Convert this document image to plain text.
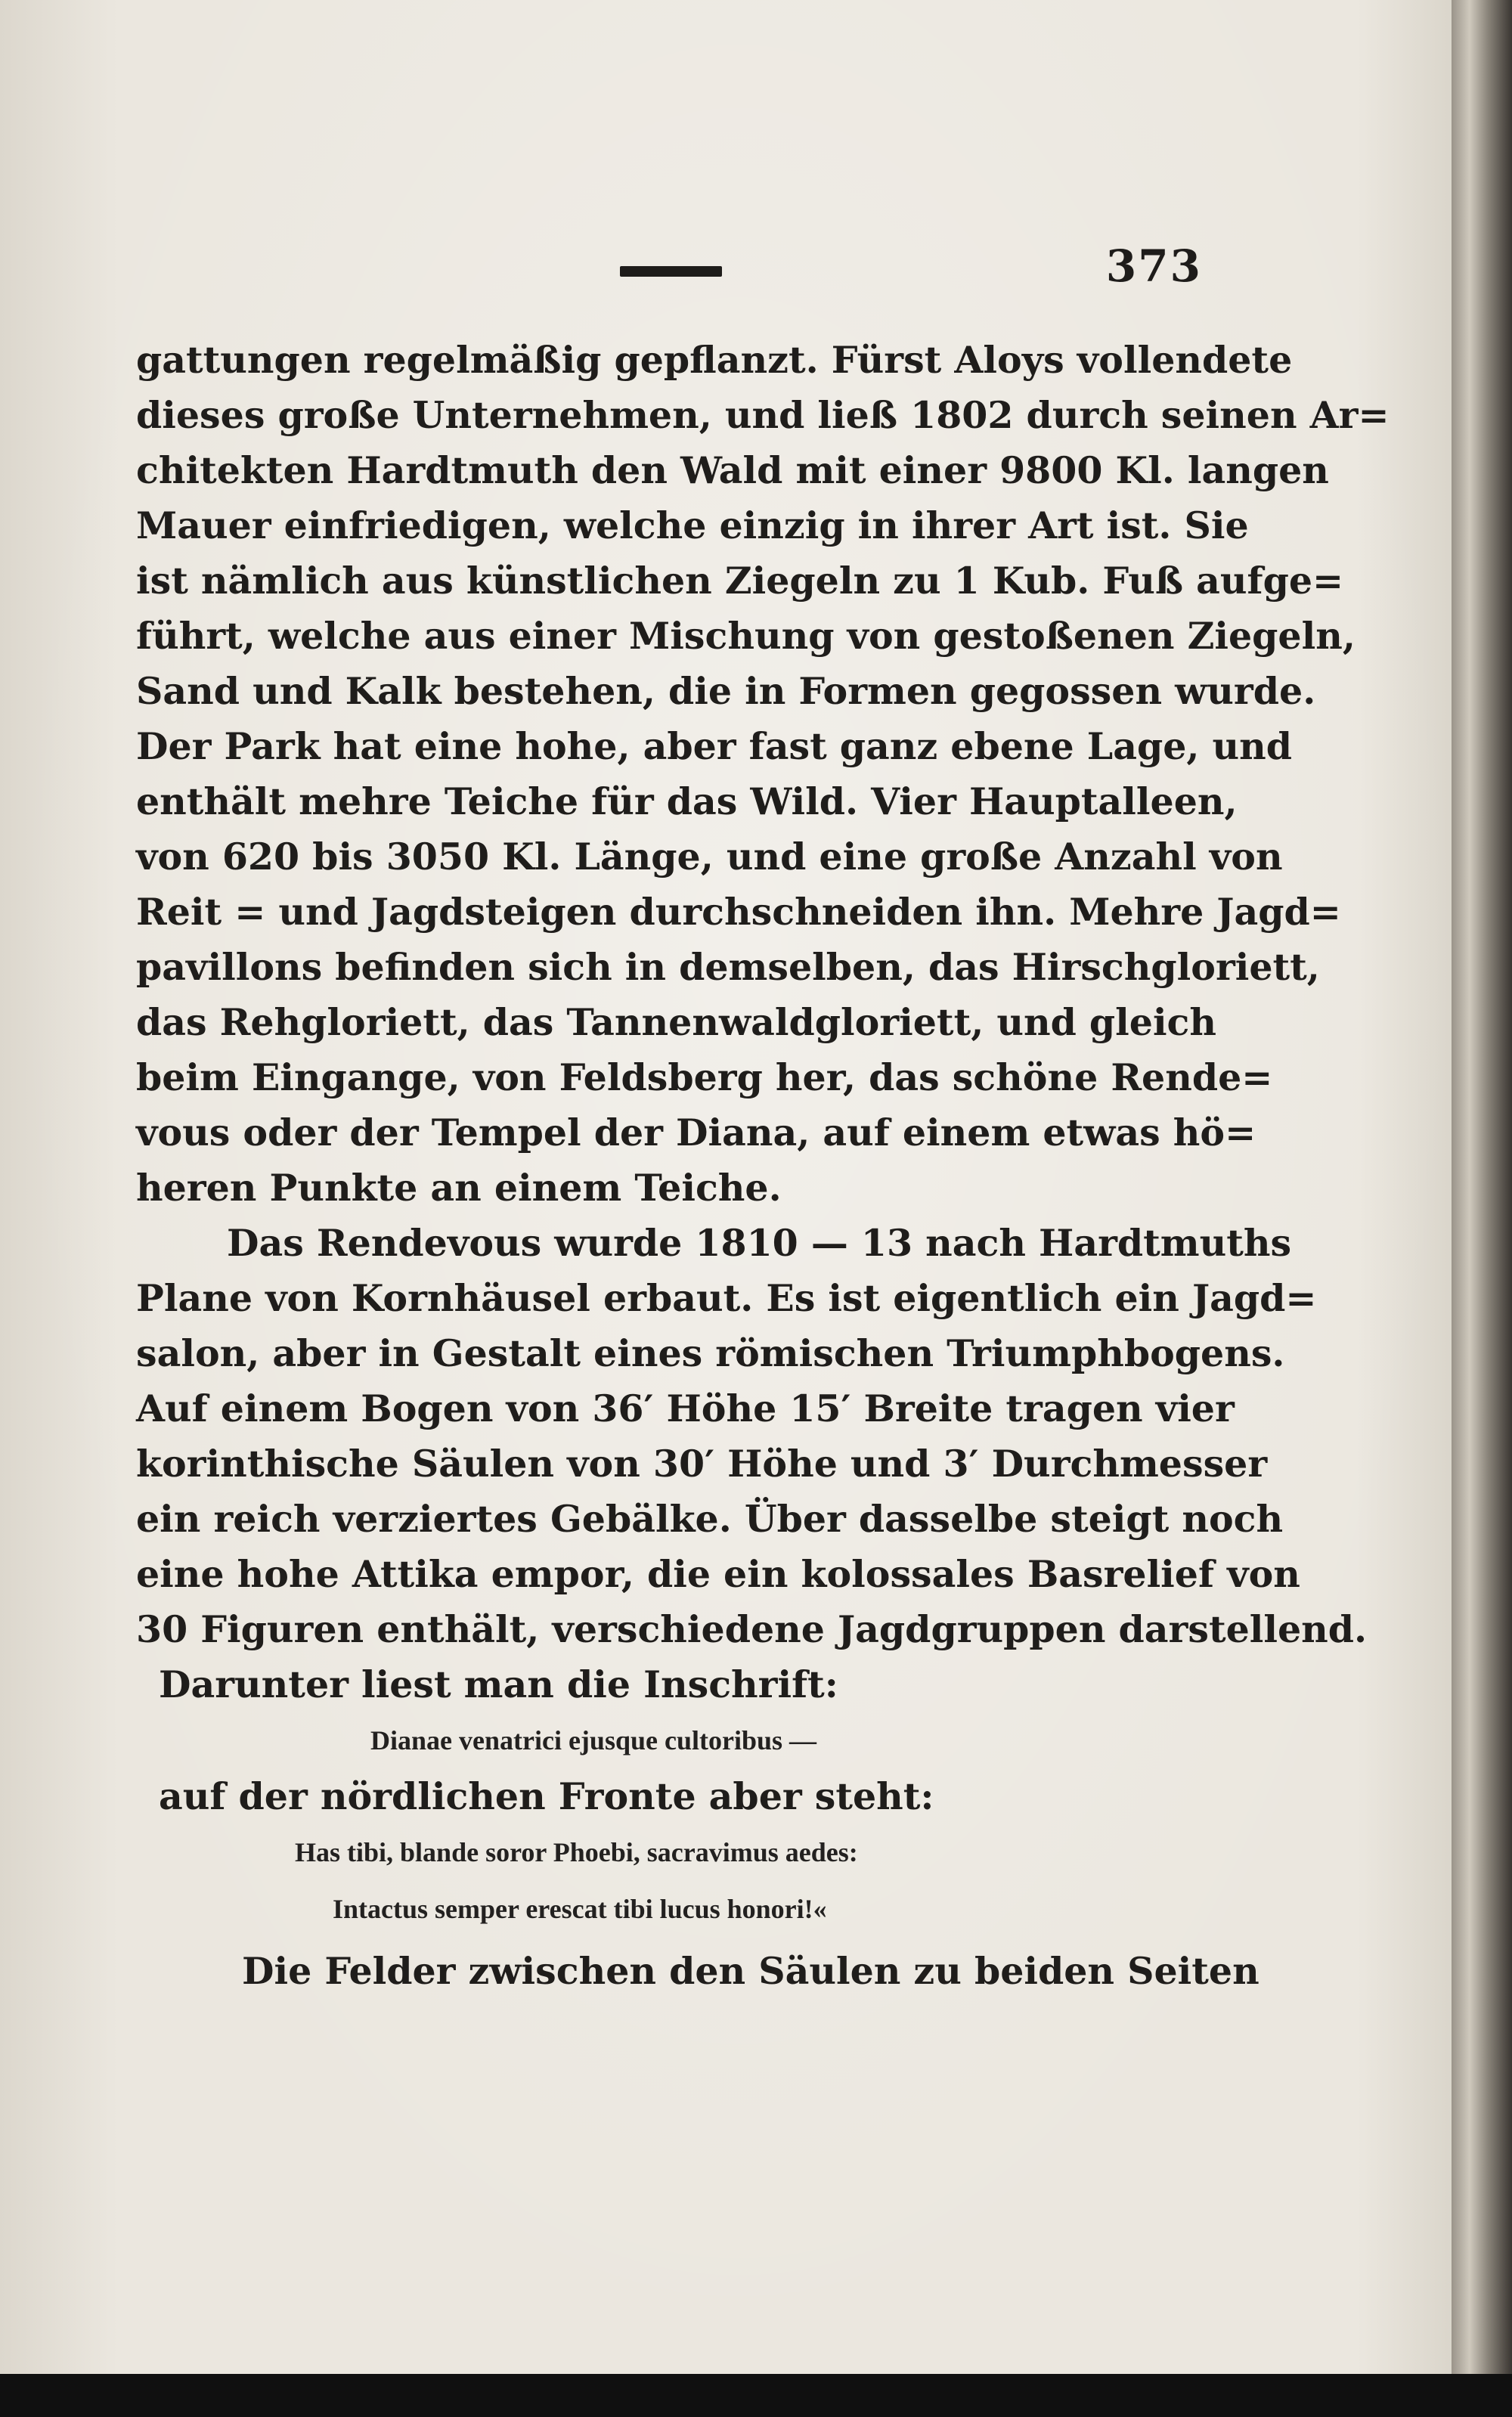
373
gattungen regelmäßig gepflanzt. Fürst Aloys vollendete
dieses große Unternehmen, und ließ 1802 durch seinen Ar=
chitekten Hardtmuth den Wald mit einer 9800 Kl. langen
Mauer einfriedigen, welche einzig in ihrer Art ist. Sie
ist nämlich aus künstlichen Ziegeln zu 1 Kub. Fuß aufge=
führt, welche aus einer Mischung von gestoßenen Ziegeln,
Sand und Kalk bestehen, die in Formen gegossen wurde.
Der Park hat eine hohe, aber fast ganz ebene Lage, und
enthält mehre Teiche für das Wild. Vier Hauptalleen,
von 620 bis 3050 Kl. Länge, und eine große Anzahl von
Reit = und Jagdsteigen durchschneiden ihn. Mehre Jagd=
pavillons befinden sich in demselben, das Hirschgloriett,
das Rehgloriett, das Tannenwaldgloriett, und gleich
beim Eingange, von Feldsberg her, das schöne Rende=
vous oder der Tempel der Diana, auf einem etwas hö=
heren Punkte an einem Teiche.
Das Rendevous wurde 1810 — 13 nach Hardtmuths
Plane von Kornhäusel erbaut. Es ist eigentlich ein Jagd=
salon, aber in Gestalt eines römischen Triumphbogens.
Auf einem Bogen von 36′ Höhe 15′ Breite tragen vier
korinthische Säulen von 30′ Höhe und 3′ Durchmesser
ein reich verziertes Gebälke. Über dasselbe steigt noch
eine hohe Attika empor, die ein kolossales Basrelief von
30 Figuren enthält, verschiedene Jagdgruppen darstellend.
Darunter liest man die Inschrift:
Dianae venatrici ejusque cultoribus —
auf der nördlichen Fronte aber steht:
Has tibi, blande soror Phoebi, sacravimus aedes:
Intactus semper erescat tibi lucus honori!«
Die Felder zwischen den Säulen zu beiden Seiten
